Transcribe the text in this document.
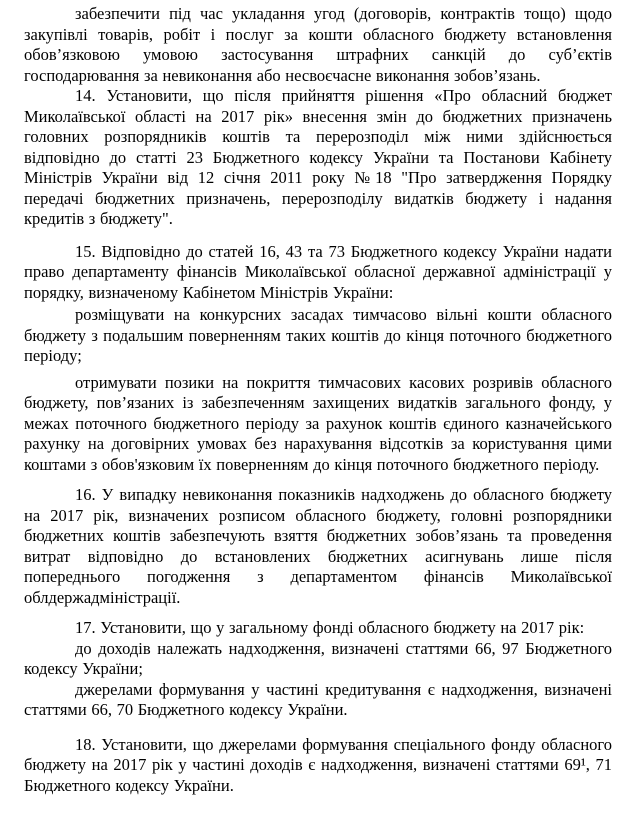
забезпечити під час укладання угод (договорів, контрактів тощо) щодо закупівлі товарів, робіт і послуг за кошти обласного бюджету встановлення обов’язковою умовою застосування штрафних санкцій до суб’єктів господарювання за невиконання або несвоєчасне виконання зобов’язань.

14. Установити, що після прийняття рішення «Про обласний бюджет Миколаївської області на 2017 рік» внесення змін до бюджетних призначень головних розпорядників коштів та перерозподіл між ними здійснюється відповідно до статті 23 Бюджетного кодексу України та Постанови Кабінету Міністрів України від 12 січня 2011 року №18 "Про затвердження Порядку передачі бюджетних призначень, перерозподілу видатків бюджету і надання кредитів з бюджету".

15. Відповідно до статей 16, 43 та 73 Бюджетного кодексу України надати право департаменту фінансів Миколаївської обласної державної адміністрації у порядку, визначеному Кабінетом Міністрів України:

розміщувати на конкурсних засадах тимчасово вільні кошти обласного бюджету з подальшим поверненням таких коштів до кінця поточного бюджетного періоду;

отримувати позики на покриття тимчасових касових розривів обласного бюджету, пов’язаних із забезпеченням захищених видатків загального фонду, у межах поточного бюджетного періоду за рахунок коштів єдиного казначейського рахунку на договірних умовах без нарахування відсотків за користування цими коштами з обов'язковим їх поверненням до кінця поточного бюджетного періоду.

16. У випадку невиконання показників надходжень до обласного бюджету на 2017 рік, визначених розписом обласного бюджету, головні розпорядники бюджетних коштів забезпечують взяття бюджетних зобов’язань та проведення витрат відповідно до встановлених бюджетних асигнувань лише після попереднього погодження з департаментом фінансів Миколаївської облдержадміністрації.

17. Установити, що у загальному фонді обласного бюджету на 2017 рік:

до доходів належать надходження, визначені статтями 66, 97 Бюджетного кодексу України;

джерелами формування у частині кредитування є надходження, визначені статтями 66, 70 Бюджетного кодексу України.

18. Установити, що джерелами формування спеціального фонду обласного бюджету на 2017 рік у частині доходів є надходження, визначені статтями 69¹, 71 Бюджетного кодексу України.
